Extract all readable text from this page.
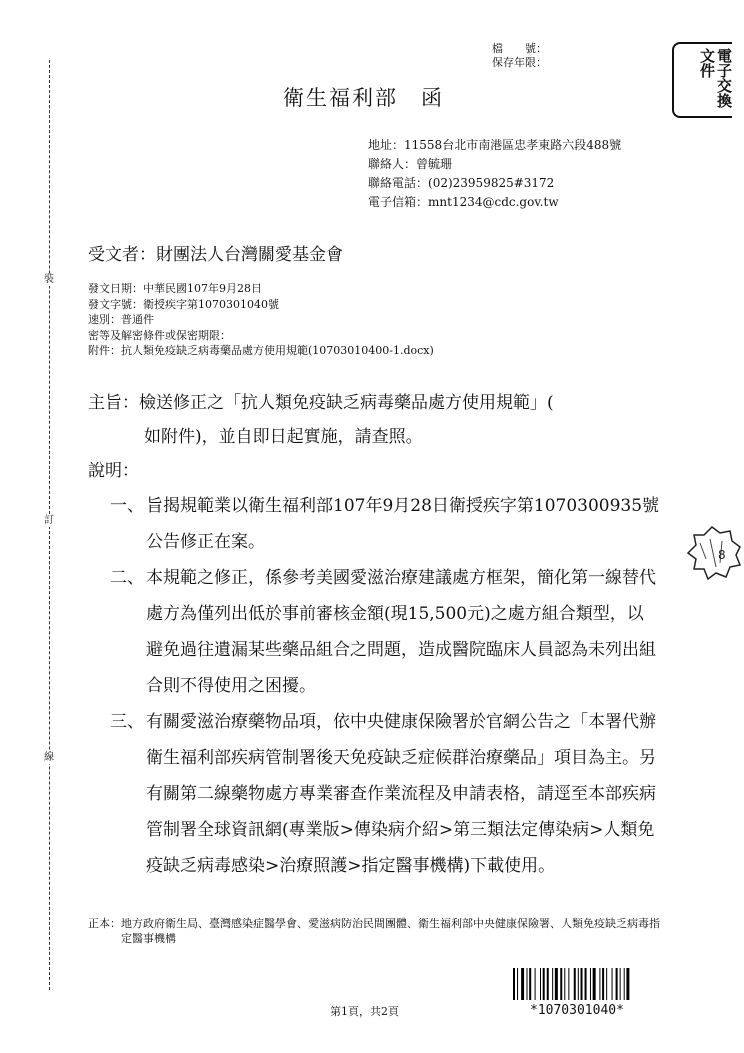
裝
訂
線
檔　　號：
保存年限：	電子交換文件
衛生福利部　函
地址： 11558台北市南港區忠孝東路六段488號
聯絡人： 曾毓珊
聯絡電話： (02)23959825#3172
電子信箱： mnt1234@cdc.gov.tw
受文者：財團法人台灣關愛基金會
發文日期：中華民國107年9月28日
發文字號：衛授疾字第1070301040號
速別：普通件
密等及解密條件或保密期限：
附件：抗人類免疫缺乏病毒藥品處方使用規範(10703010400-1.docx)
主旨：檢送修正之「抗人類免疫缺乏病毒藥品處方使用規範」(
如附件)，並自即日起實施，請查照。
說明：
一、 旨揭規範業以衛生福利部107年9月28日衛授疾字第1070300935號公告修正在案。
二、 本規範之修正，係參考美國愛滋治療建議處方框架，簡化第一線替代處方為僅列出低於事前審核金額(現15,500元)之處方組合類型，以避免過往遺漏某些藥品組合之問題，造成醫院臨床人員認為未列出組合則不得使用之困擾。
三、 有關愛滋治療藥物品項，依中央健康保險署於官網公告之「本署代辦衛生福利部疾病管制署後天免疫缺乏症候群治療藥品」項目為主。另有關第二線藥物處方專業審查作業流程及申請表格，請逕至本部疾病管制署全球資訊網(專業版>傳染病介紹>第三類法定傳染病>人類免疫缺乏病毒感染>治療照護>指定醫事機構)下載使用。
正本： 地方政府衛生局、臺灣感染症醫學會、愛滋病防治民間團體、衛生福利部中央健康保險署、人類免疫缺乏病毒指定醫事機構
8
第1頁，共2頁	*1070301040*
